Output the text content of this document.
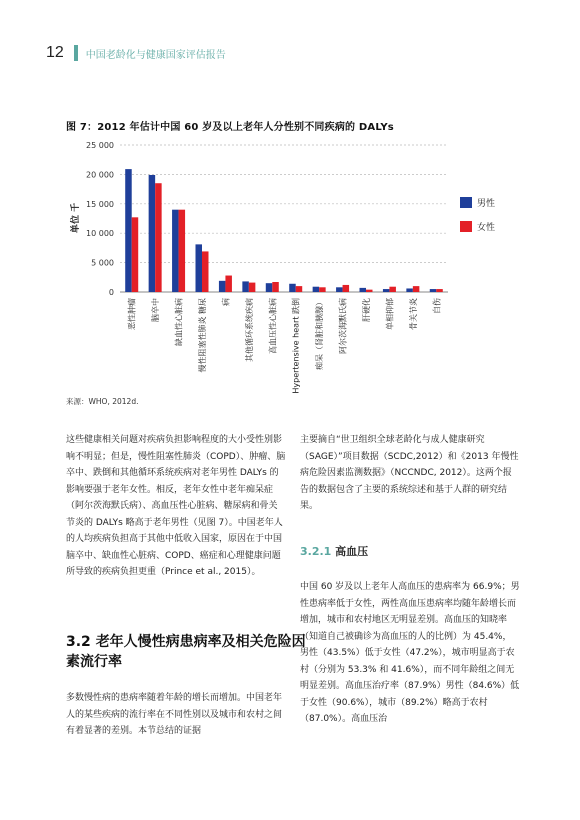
12 中国老龄化与健康国家评估报告
图 7：2012 年估计中国 60 岁及以上老年人分性别不同疾病的 DALYs
0
5 000
10 000
15 000
20 000
25 000
单位 千
恶性肿瘤 脑卒中 缺血性心脏病 慢性阻塞性肺炎 糖尿 病 其他循环系统疾病 高血压性心脏病 Hypertensive heart 跌倒 痴呆（肾脏和胰腺） 阿尔茨海默氏病 肝硬化 单相抑郁 骨关节炎 自伤
男性
女性
来源：WHO, 2012d.

这些健康相关问题对疾病负担影响程度的大小受性别影响不明显；但是，慢性阻塞性肺炎（COPD）、肿瘤、脑卒中、跌倒和其他循环系统疾病对老年男性 DALYs 的影响要强于老年女性。相反，老年女性中老年痴呆症（阿尔茨海默氏病）、高血压性心脏病、糖尿病和骨关节炎的 DALYs 略高于老年男性（见图 7）。中国老年人的人均疾病负担高于其他中低收入国家，原因在于中国脑卒中、缺血性心脏病、COPD、癌症和心理健康问题所导致的疾病负担更重（Prince et al., 2015）。

主要摘自“世卫组织全球老龄化与成人健康研究（SAGE）”项目数据（SCDC,2012）和《2013 年慢性病危险因素监测数据》（NCCNDC, 2012）。这两个报告的数据包含了主要的系统综述和基于人群的研究结果。

3.2.1 高血压

中国 60 岁及以上老年人高血压的患病率为 66.9%；男性患病率低于女性，两性高血压患病率均随年龄增长而增加，城市和农村地区无明显差别。高血压的知晓率（知道自己被确诊为高血压的人的比例）为 45.4%，男性（43.5%）低于女性（47.2%），城市明显高于农村（分别为 53.3% 和 41.6%），而不同年龄组之间无明显差别。高血压治疗率（87.9%）男性（84.6%）低于女性（90.6%），城市（89.2%）略高于农村（87.0%）。高血压治

3.2 老年人慢性病患病率及相关危险因素流行率

多数慢性病的患病率随着年龄的增长而增加。中国老年人的某些疾病的流行率在不同性别以及城市和农村之间有着显著的差别。本节总结的证据
